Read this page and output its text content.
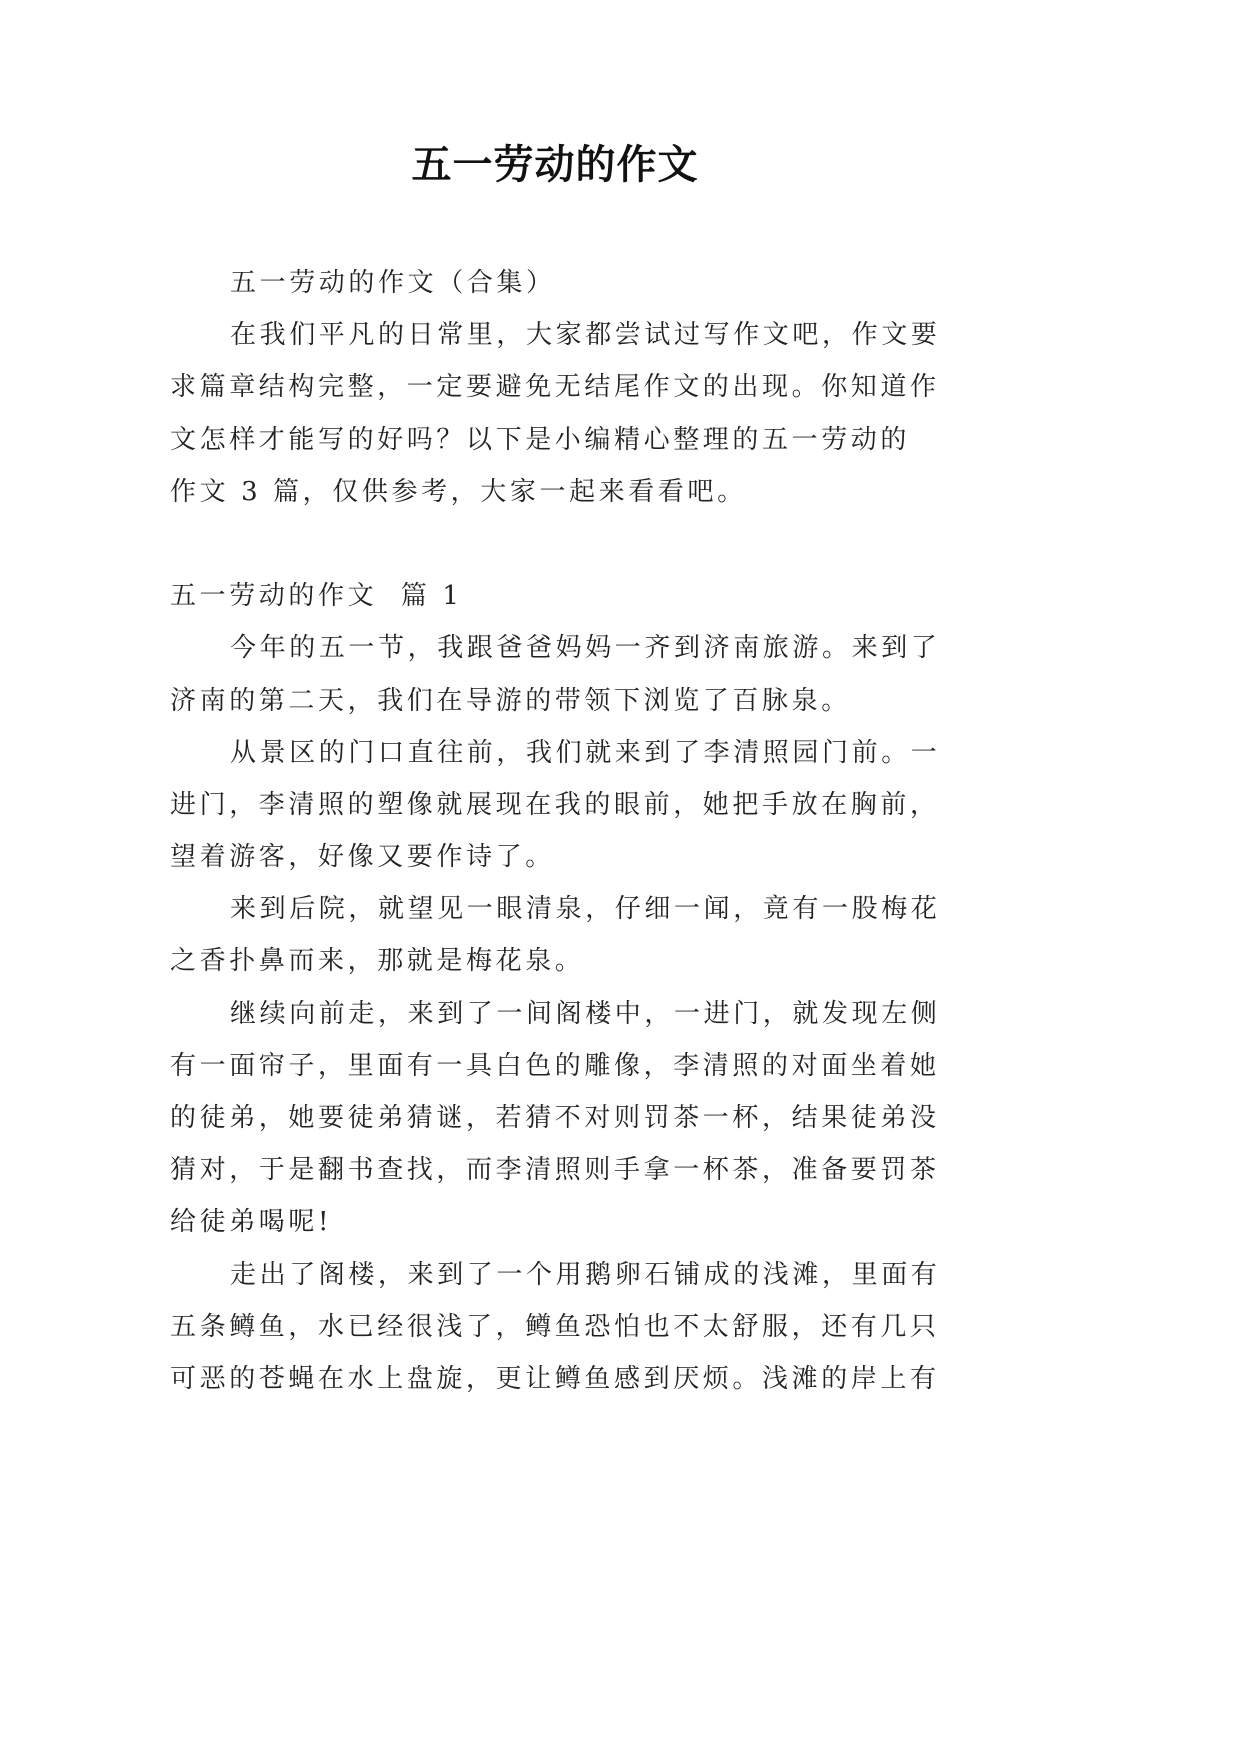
五一劳动的作文
五一劳动的作文（合集）
在我们平凡的日常里，大家都尝试过写作文吧，作文要
求篇章结构完整，一定要避免无结尾作文的出现。你知道作
文怎样才能写的好吗？以下是小编精心整理的五一劳动的
作文 3 篇，仅供参考，大家一起来看看吧。
五一劳动的作文  篇 1
今年的五一节，我跟爸爸妈妈一齐到济南旅游。来到了
济南的第二天，我们在导游的带领下浏览了百脉泉。
从景区的门口直往前，我们就来到了李清照园门前。一
进门，李清照的塑像就展现在我的眼前，她把手放在胸前，
望着游客，好像又要作诗了。
来到后院，就望见一眼清泉，仔细一闻，竟有一股梅花
之香扑鼻而来，那就是梅花泉。
继续向前走，来到了一间阁楼中，一进门，就发现左侧
有一面帘子，里面有一具白色的雕像，李清照的对面坐着她
的徒弟，她要徒弟猜谜，若猜不对则罚茶一杯，结果徒弟没
猜对，于是翻书查找，而李清照则手拿一杯茶，准备要罚茶
给徒弟喝呢!
走出了阁楼，来到了一个用鹅卵石铺成的浅滩，里面有
五条鳟鱼，水已经很浅了，鳟鱼恐怕也不太舒服，还有几只
可恶的苍蝇在水上盘旋，更让鳟鱼感到厌烦。浅滩的岸上有
